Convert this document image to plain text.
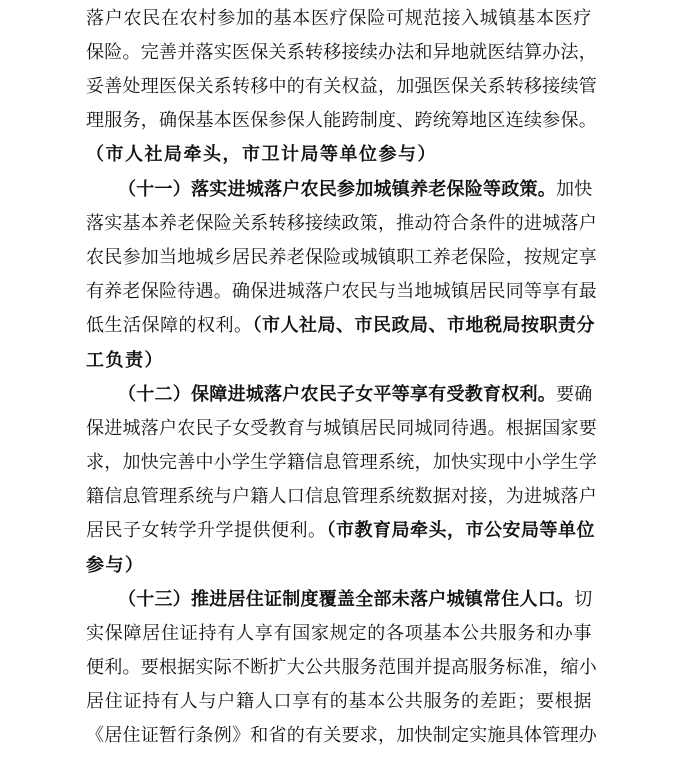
落户农民在农村参加的基本医疗保险可规范接入城镇基本医疗
保险。完善并落实医保关系转移接续办法和异地就医结算办法，
妥善处理医保关系转移中的有关权益，加强医保关系转移接续管
理服务，确保基本医保参保人能跨制度、跨统筹地区连续参保。
（市人社局牵头，市卫计局等单位参与）
（十一）落实进城落户农民参加城镇养老保险等政策。加快
落实基本养老保险关系转移接续政策，推动符合条件的进城落户
农民参加当地城乡居民养老保险或城镇职工养老保险，按规定享
有养老保险待遇。确保进城落户农民与当地城镇居民同等享有最
低生活保障的权利。（市人社局、市民政局、市地税局按职责分
工负责）
（十二）保障进城落户农民子女平等享有受教育权利。要确
保进城落户农民子女受教育与城镇居民同城同待遇。根据国家要
求，加快完善中小学生学籍信息管理系统，加快实现中小学生学
籍信息管理系统与户籍人口信息管理系统数据对接，为进城落户
居民子女转学升学提供便利。（市教育局牵头，市公安局等单位
参与）
（十三）推进居住证制度覆盖全部未落户城镇常住人口。切
实保障居住证持有人享有国家规定的各项基本公共服务和办事
便利。要根据实际不断扩大公共服务范围并提高服务标准，缩小
居住证持有人与户籍人口享有的基本公共服务的差距；要根据
《居住证暂行条例》和省的有关要求，加快制定实施具体管理办
